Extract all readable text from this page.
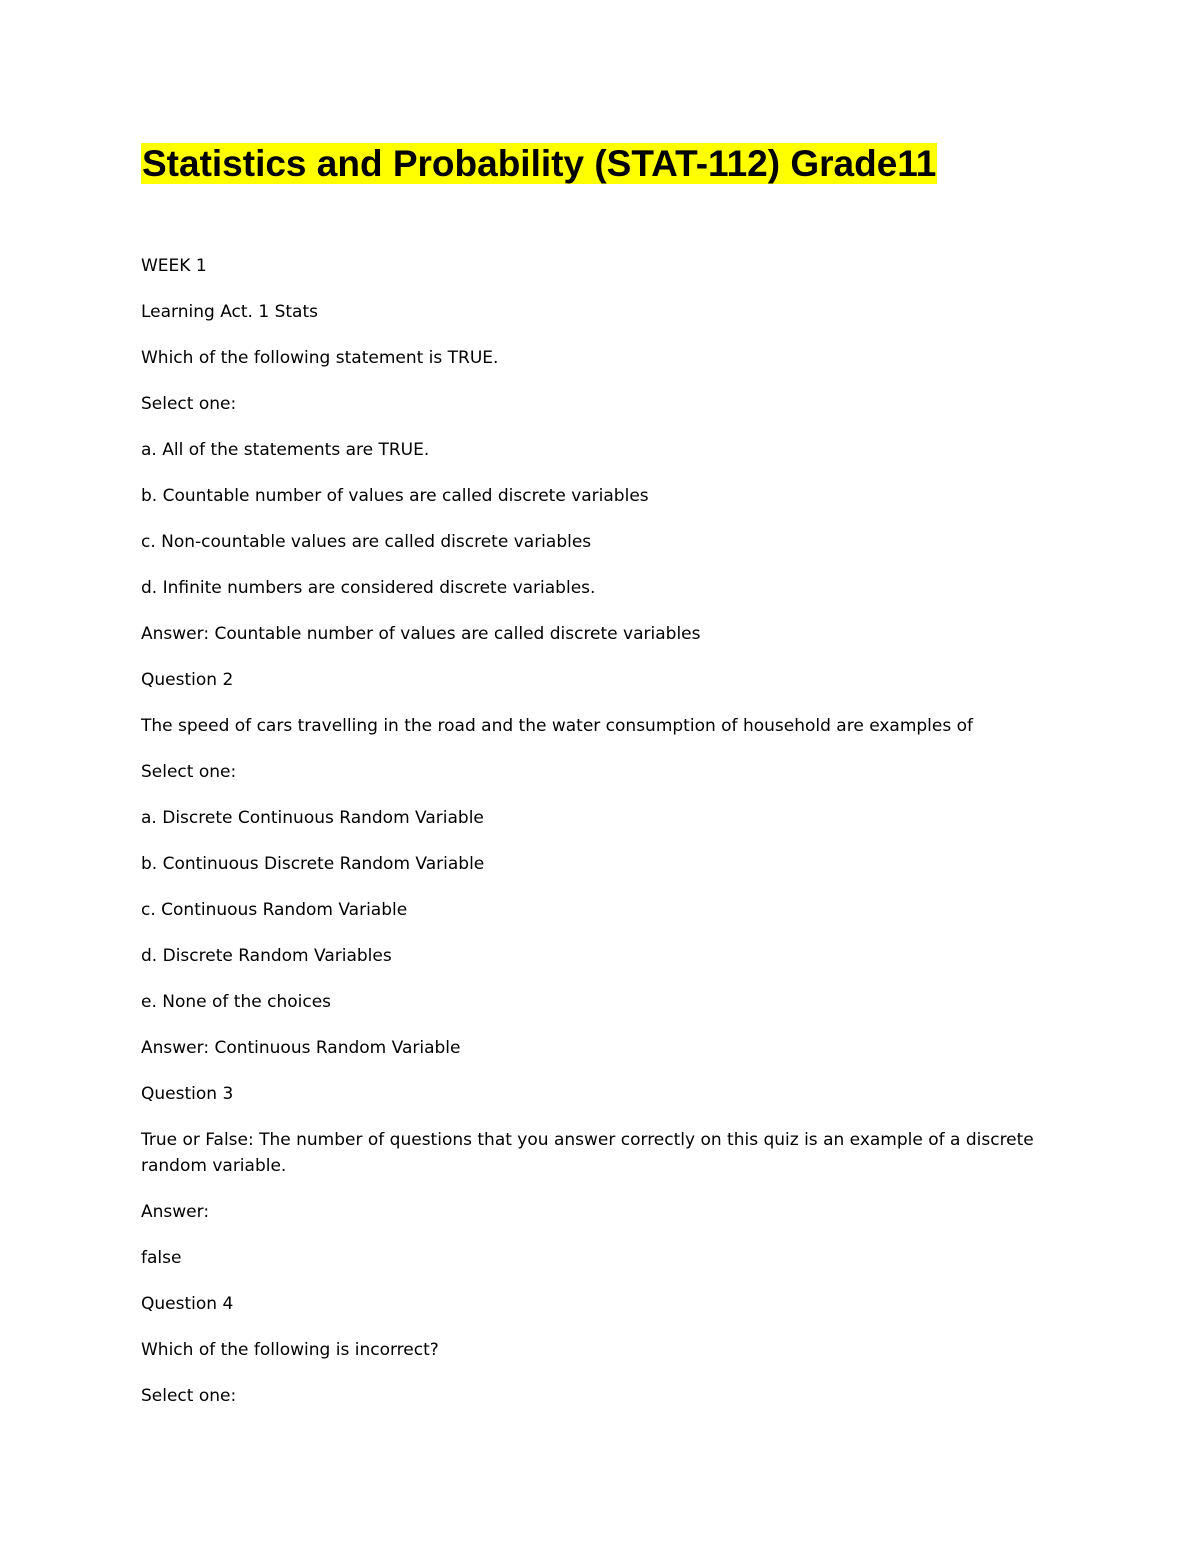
Statistics and Probability (STAT-112) Grade11

WEEK 1

Learning Act. 1 Stats

Which of the following statement is TRUE.

Select one:

a. All of the statements are TRUE.

b. Countable number of values are called discrete variables

c. Non-countable values are called discrete variables

d. Infinite numbers are considered discrete variables.

Answer: Countable number of values are called discrete variables

Question 2

The speed of cars travelling in the road and the water consumption of household are examples of

Select one:

a. Discrete Continuous Random Variable

b. Continuous Discrete Random Variable

c. Continuous Random Variable

d. Discrete Random Variables

e. None of the choices

Answer: Continuous Random Variable

Question 3

True or False: The number of questions that you answer correctly on this quiz is an example of a discrete random variable.

Answer:

false

Question 4

Which of the following is incorrect?

Select one:
